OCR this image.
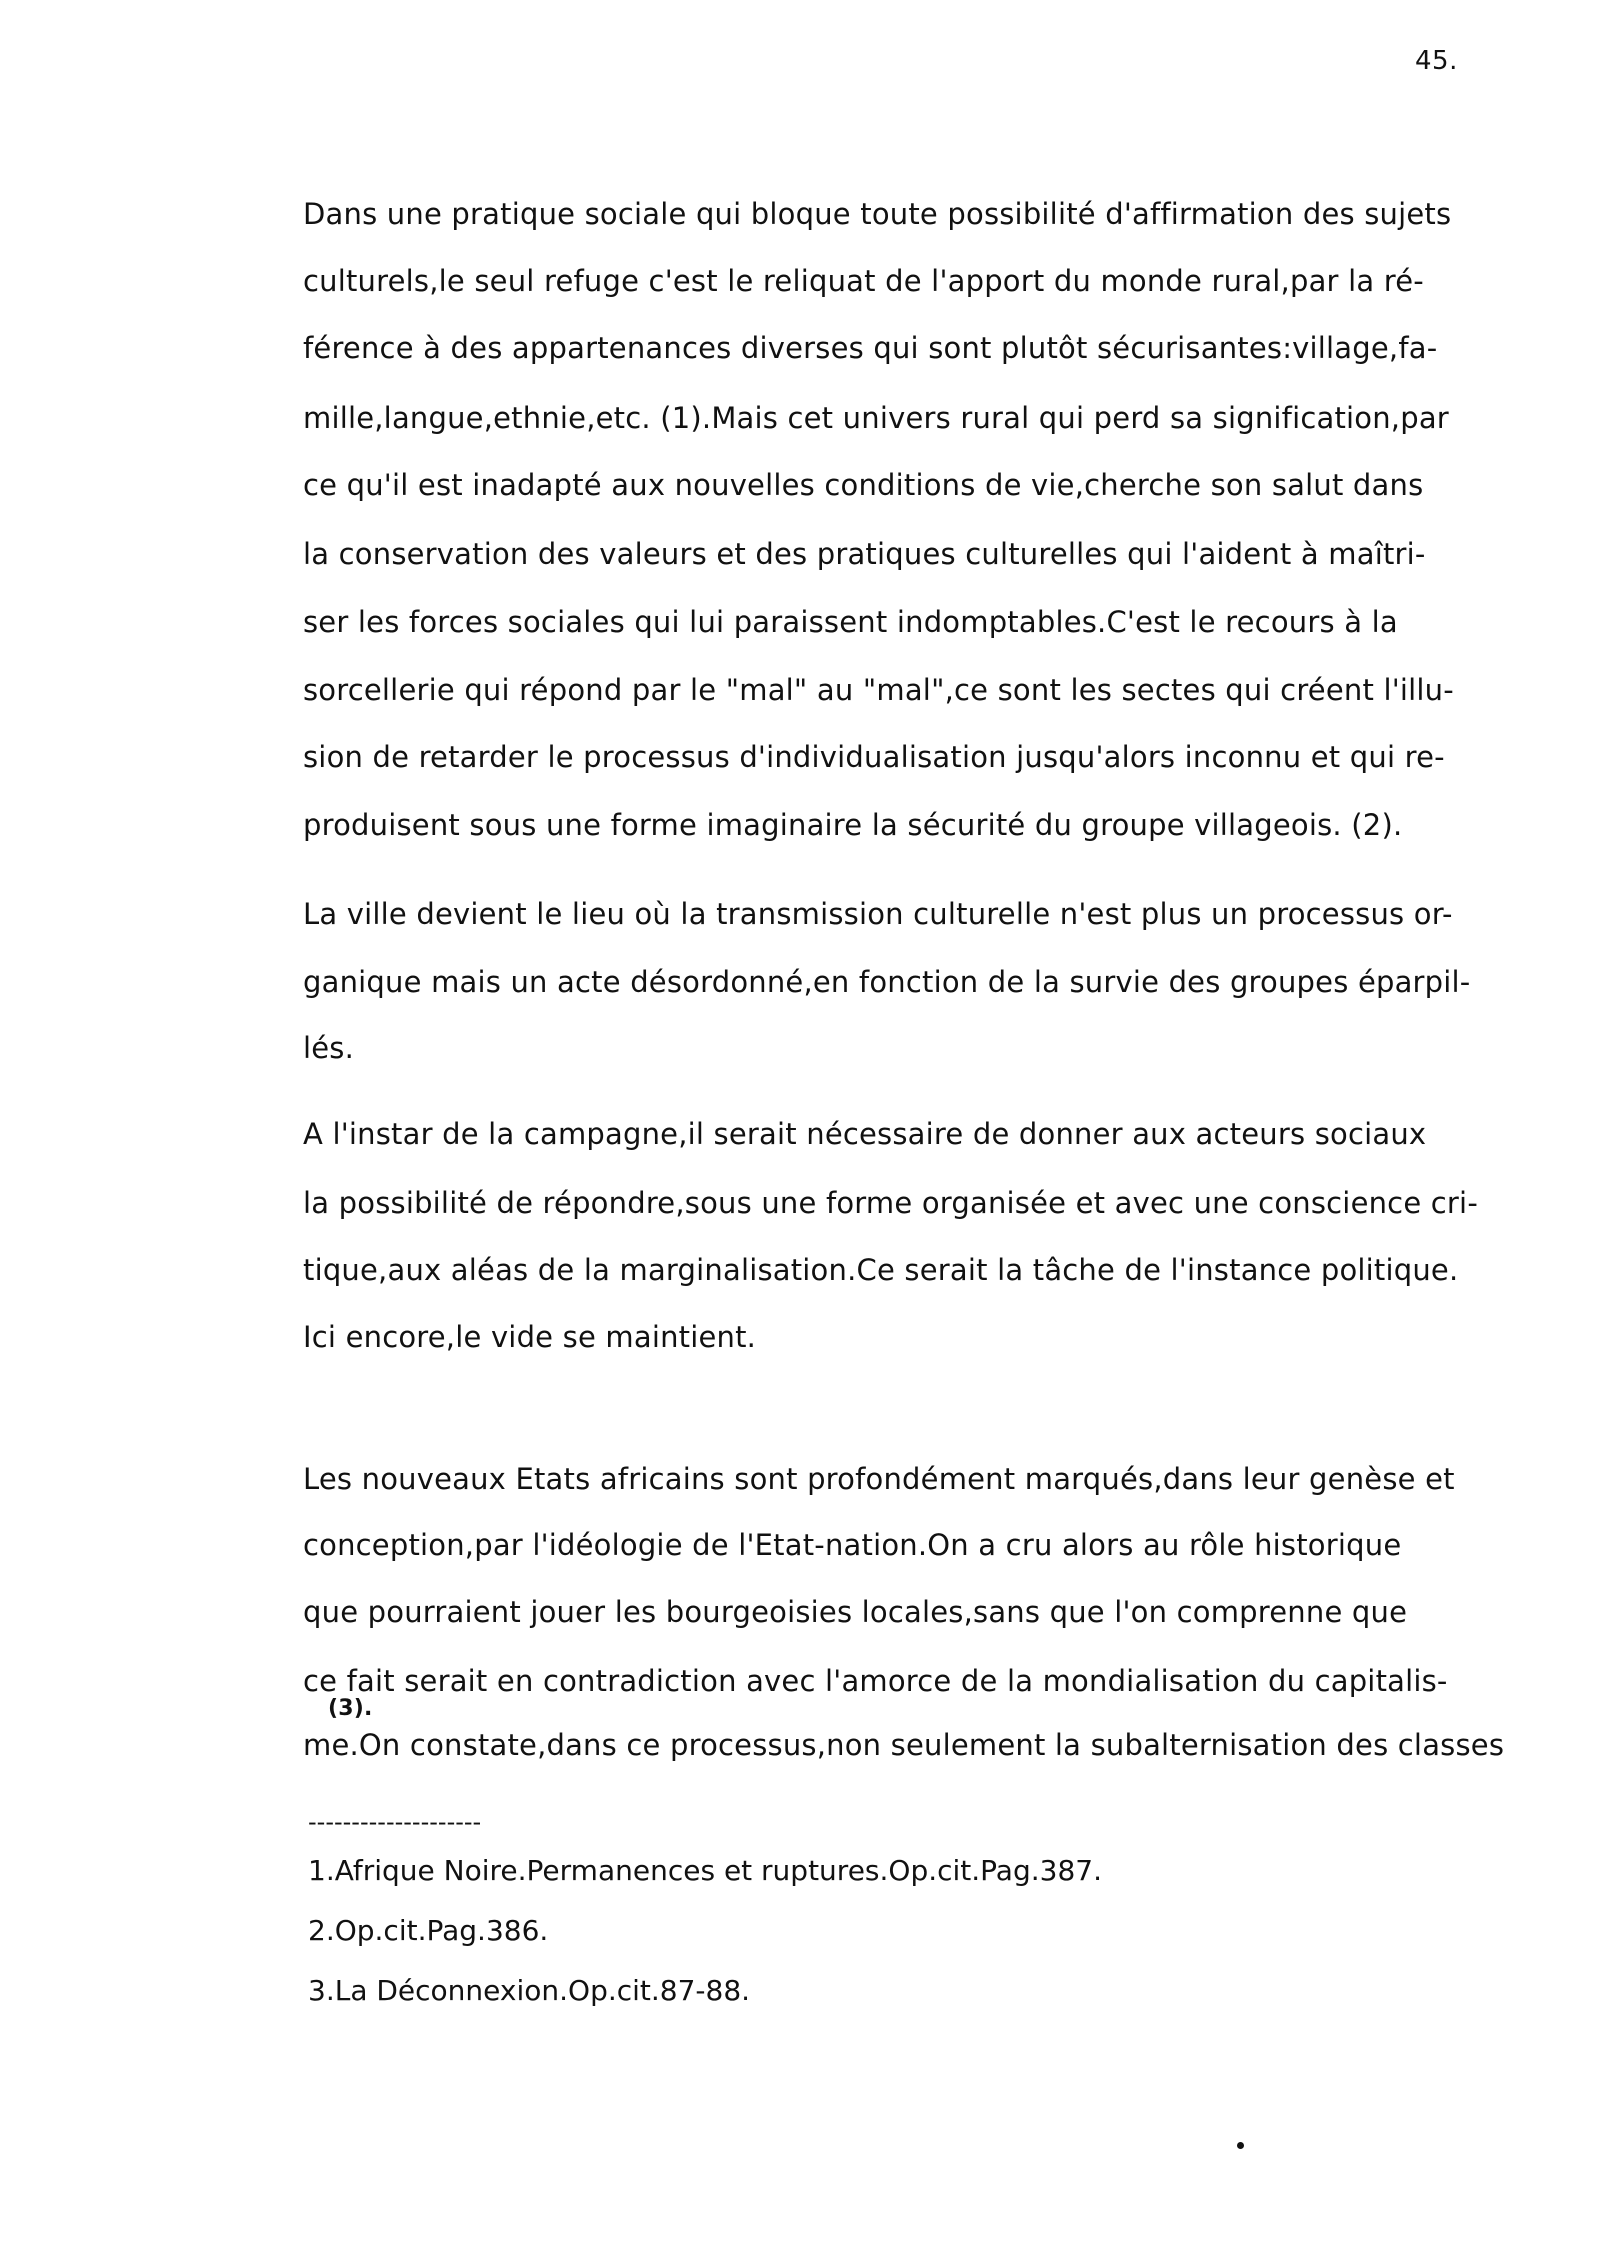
45.
Dans une pratique sociale qui bloque toute possibilité d'affirmation des sujets
culturels,le seul refuge c'est le reliquat de l'apport du monde rural,par la ré-
férence à des appartenances diverses qui sont plutôt sécurisantes:village,fa-
mille,langue,ethnie,etc. (1).Mais cet univers rural qui perd sa signification,par
ce qu'il est inadapté aux nouvelles conditions de vie,cherche son salut dans
la conservation des valeurs et des pratiques culturelles qui l'aident à maîtri-
ser les forces sociales qui lui paraissent indomptables.C'est le recours à la
sorcellerie qui répond par le "mal" au "mal",ce sont les sectes qui créent l'illu-
sion de retarder le processus d'individualisation jusqu'alors inconnu et qui re-
produisent sous une forme imaginaire la sécurité du groupe villageois. (2).
La ville devient le lieu où la transmission culturelle n'est plus un processus or-
ganique mais un acte désordonné,en fonction de la survie des groupes éparpil-
lés.
A l'instar de la campagne,il serait nécessaire de donner aux acteurs sociaux
la possibilité de répondre,sous une forme organisée et avec une conscience cri-
tique,aux aléas de la marginalisation.Ce serait la tâche de l'instance politique.
Ici encore,le vide se maintient.
Les nouveaux Etats africains sont profondément marqués,dans leur genèse et
conception,par l'idéologie de l'Etat-nation.On a cru alors au rôle historique
que pourraient jouer les bourgeoisies locales,sans que l'on comprenne que
ce fait serait en contradiction avec l'amorce de la mondialisation du capitalis-
(3).
me.On constate,dans ce processus,non seulement la subalternisation des classes
--------------------
1.Afrique Noire.Permanences et ruptures.Op.cit.Pag.387.
2.Op.cit.Pag.386.
3.La Déconnexion.Op.cit.87-88.
